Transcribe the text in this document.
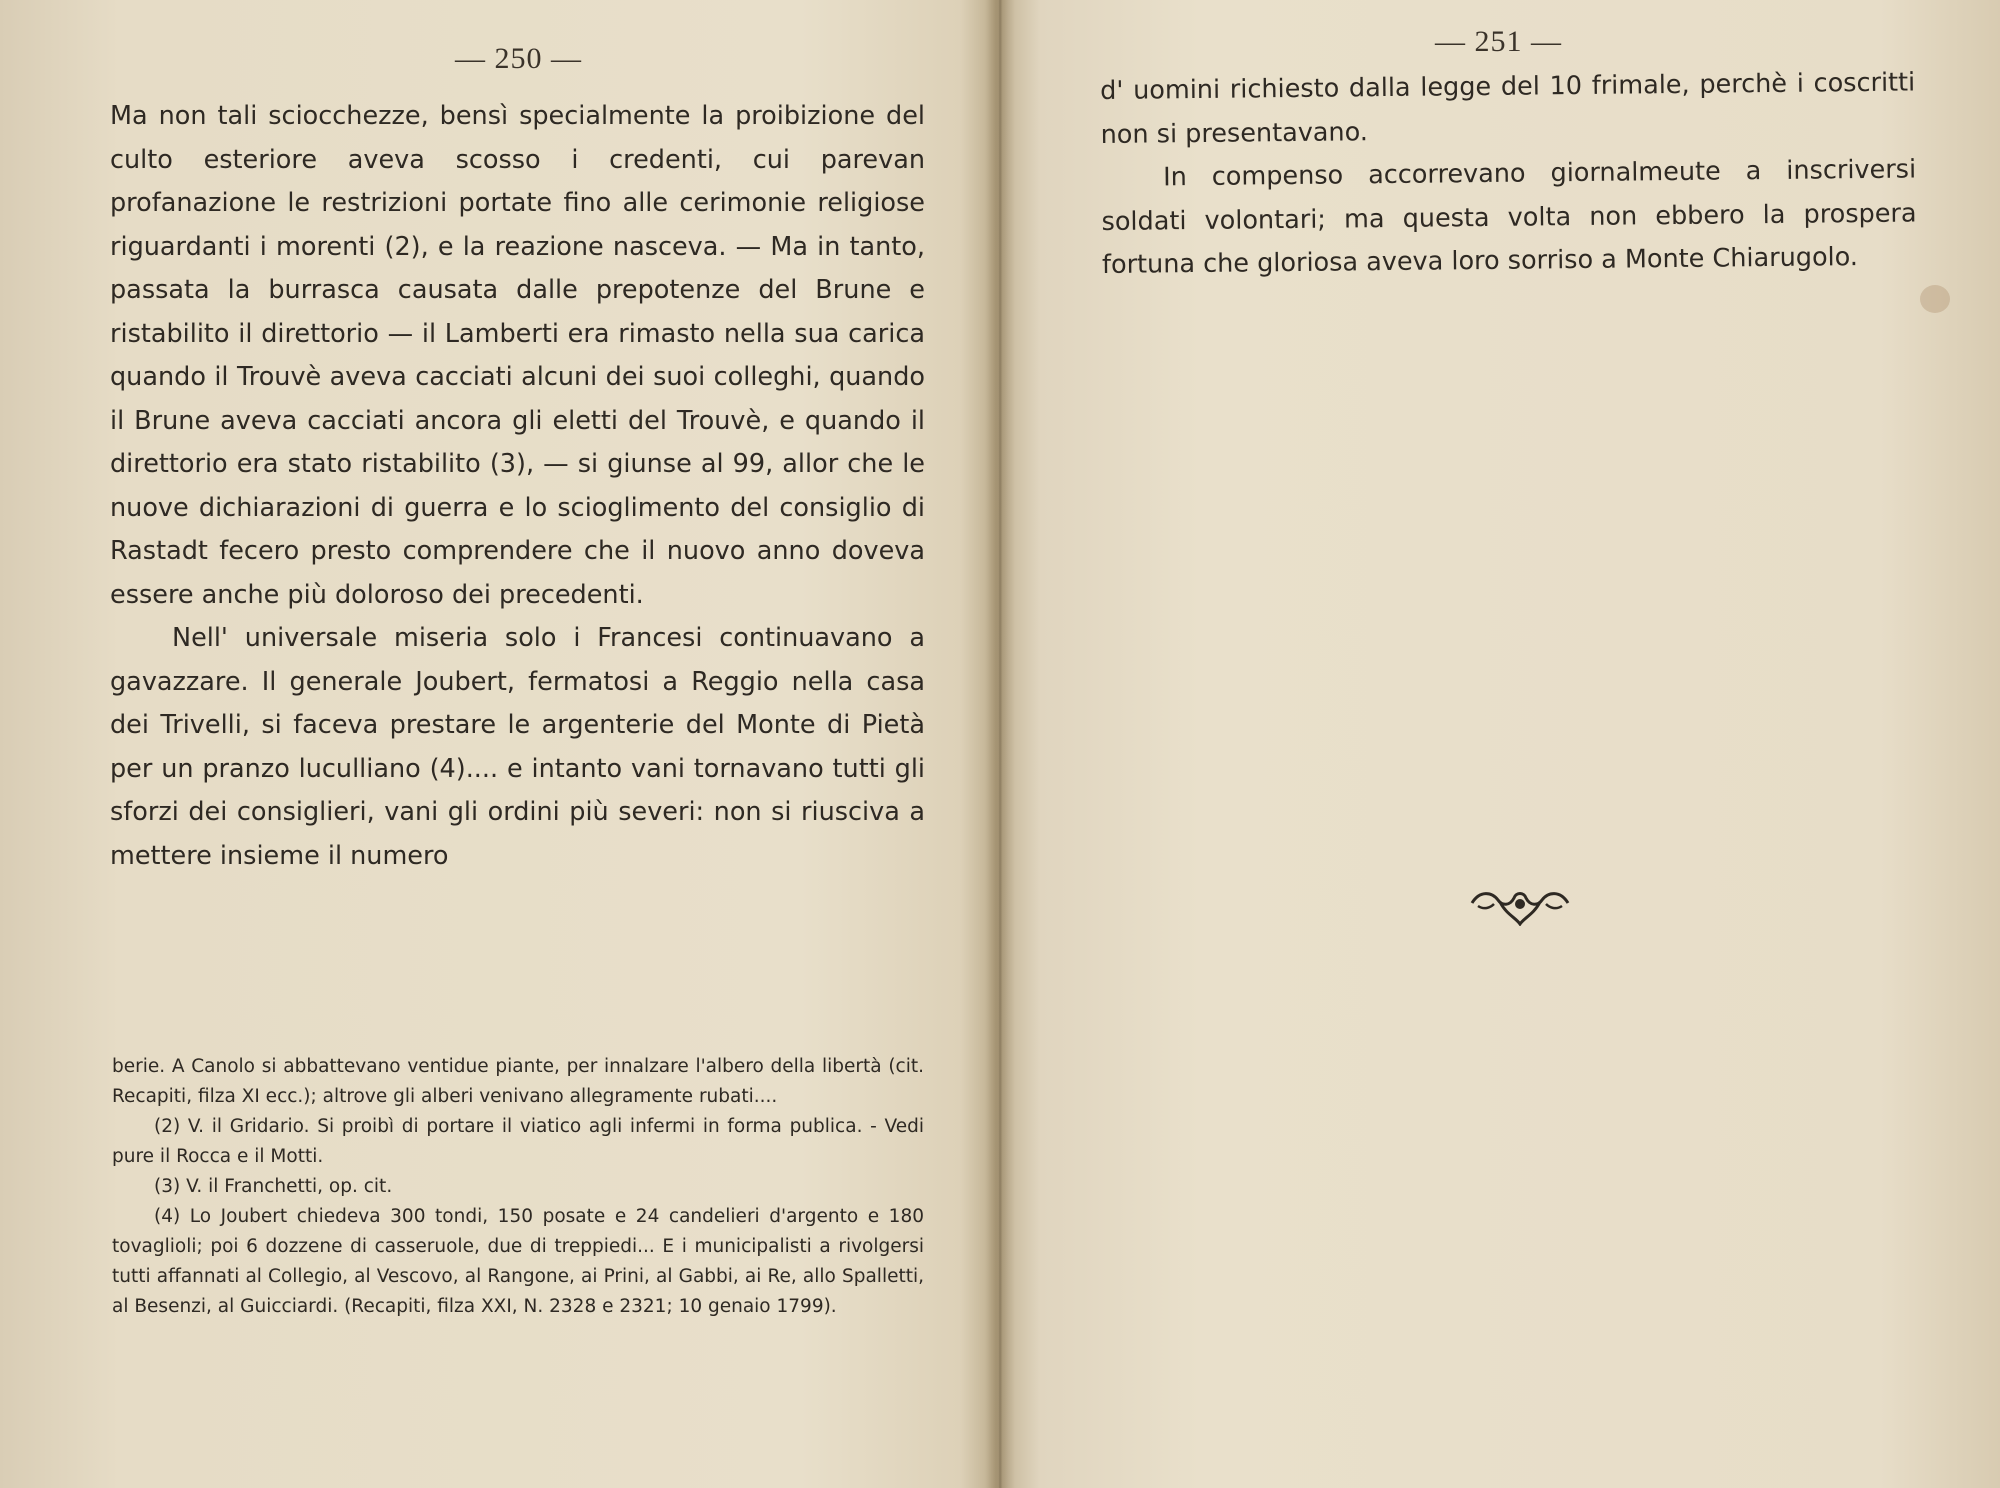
— 250 —

Ma non tali sciocchezze, bensì specialmente la proibizione del culto esteriore aveva scosso i credenti, cui parevan profanazione le restrizioni portate fino alle cerimonie religiose riguardanti i morenti (2), e la reazione nasceva. — Ma in tanto, passata la burrasca causata dalle prepotenze del Brune e ristabilito il direttorio — il Lamberti era rimasto nella sua carica quando il Trouvè aveva cacciati alcuni dei suoi colleghi, quando il Brune aveva cacciati ancora gli eletti del Trouvè, e quando il direttorio era stato ristabilito (3), — si giunse al 99, allor che le nuove dichiarazioni di guerra e lo scioglimento del consiglio di Rastadt fecero presto comprendere che il nuovo anno doveva essere anche più doloroso dei precedenti.

Nell' universale miseria solo i Francesi continuavano a gavazzare. Il generale Joubert, fermatosi a Reggio nella casa dei Trivelli, si faceva prestare le argenterie del Monte di Pietà per un pranzo luculliano (4).... e intanto vani tornavano tutti gli sforzi dei consiglieri, vani gli ordini più severi: non si riusciva a mettere insieme il numero

berie. A Canolo si abbattevano ventidue piante, per innalzare l'albero della libertà (cit. Recapiti, filza XI ecc.); altrove gli alberi venivano allegramente rubati....

(2) V. il Gridario. Si proibì di portare il viatico agli infermi in forma publica. - Vedi pure il Rocca e il Motti.

(3) V. il Franchetti, op. cit.

(4) Lo Joubert chiedeva 300 tondi, 150 posate e 24 candelieri d'argento e 180 tovaglioli; poi 6 dozzene di casseruole, due di treppiedi... E i municipalisti a rivolgersi tutti affannati al Collegio, al Vescovo, al Rangone, ai Prini, al Gabbi, ai Re, allo Spalletti, al Besenzi, al Guicciardi. (Recapiti, filza XXI, N. 2328 e 2321; 10 genaio 1799).

— 251 —

d' uomini richiesto dalla legge del 10 frimale, perchè i coscritti non si presentavano.

In compenso accorrevano giornalmeute a inscriversi soldati volontari; ma questa volta non ebbero la prospera fortuna che gloriosa aveva loro sorriso a Monte Chiarugolo.
